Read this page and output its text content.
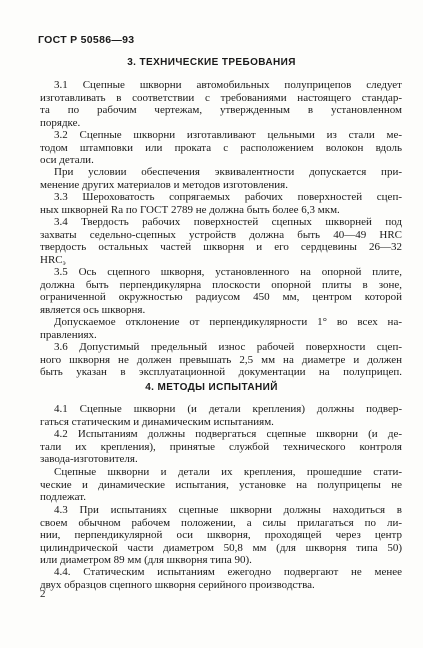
ГОСТ Р 50586—93
3. ТЕХНИЧЕСКИЕ ТРЕБОВАНИЯ
3.1 Сцепные шкворни автомобильных полуприцепов следует
изготавливать в соответствии с требованиями настоящего стандар-
та по рабочим чертежам, утвержденным в установленном
порядке.
3.2 Сцепные шкворни изготавливают цельными из стали ме-
тодом штамповки или проката с расположением волокон вдоль
оси детали.
При условии обеспечения эквивалентности допускается при-
менение других материалов и методов изготовления.
3.3 Шероховатость сопрягаемых рабочих поверхностей сцеп-
ных шкворней Ra по ГОСТ 2789 не должна быть более 6,3 мкм.
3.4 Твердость рабочих поверхностей сцепных шкворней под
захваты седельно-сцепных устройств должна быть 40—49 HRC
твердость остальных частей шкворня и его сердцевины 26—32
$HRC_э$
3.5 Ось сцепного шкворня, установленного на опорной плите,
должна быть перпендикулярна плоскости опорной плиты в зоне,
ограниченной окружностью радиусом 450 мм, центром которой
является ось шкворня.
Допускаемое отклонение от перпендикулярности 1° во всех на-
правлениях.
3.6 Допустимый предельный износ рабочей поверхности сцеп-
ного шкворня не должен превышать 2,5 мм на диаметре и должен
быть указан в эксплуатационной документации на полуприцеп.
4. МЕТОДЫ ИСПЫТАНИЙ
4.1 Сцепные шкворни (и детали крепления) должны подвер-
гаться статическим и динамическим испытаниям.
4.2 Испытаниям должны подвергаться сцепные шкворни (и де-
тали их крепления), принятые службой технического контроля
завода-изготовителя.
Сцепные шкворни и детали их крепления, прошедшие стати-
ческие и динамические испытания, установке на полуприцепы не
подлежат.
4.3 При испытаниях сцепные шкворни должны находиться в
своем обычном рабочем положении, а силы прилагаться по ли-
нии, перпендикулярной оси шкворня, проходящей через центр
цилиндрической части диаметром 50,8 мм (для шкворня типа 50)
или диаметром 89 мм (для шкворня типа 90).
4.4. Статическим испытаниям ежегодно подвергают не менее
двух образцов сцепного шкворня серийного производства.
2
